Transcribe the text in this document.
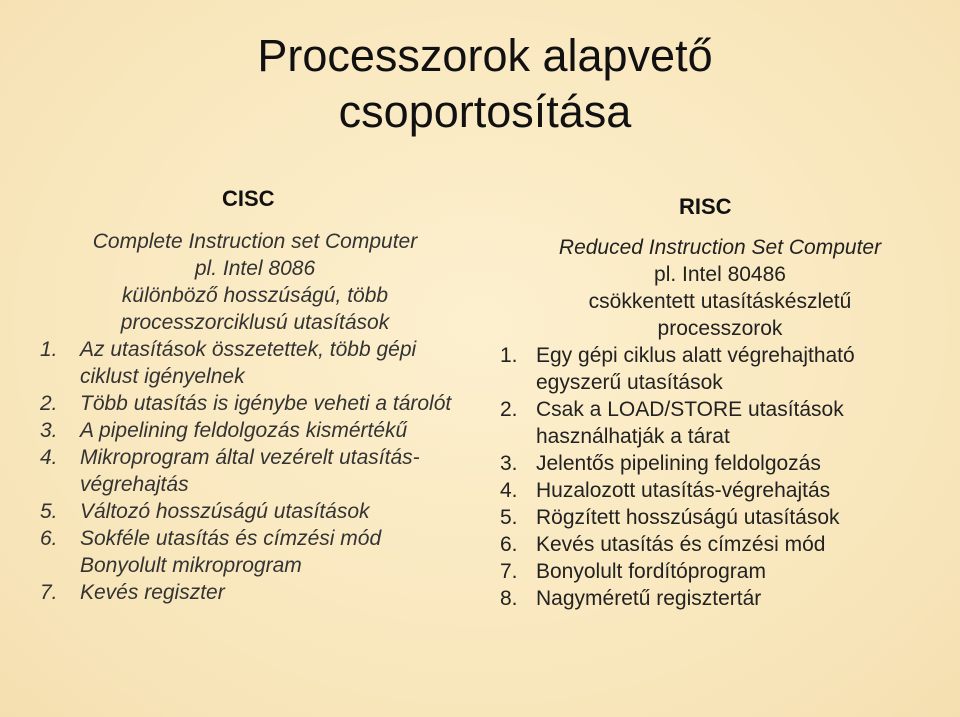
Processzorok alapvető
csoportosítása
CISC	RISC
Complete Instruction set Computer
pl. Intel 8086
különböző hosszúságú, több
processzorciklusú utasítások
1. Az utasítások összetettek, több gépi ciklust igényelnek
2. Több utasítás is igénybe veheti a tárolót
3. A pipelining feldolgozás kismértékű
4. Mikroprogram által vezérelt utasítás-végrehajtás
5. Változó hosszúságú utasítások
6. Sokféle utasítás és címzési mód
Bonyolult mikroprogram
7. Kevés regiszter
Reduced Instruction Set Computer
pl. Intel 80486
csökkentett utasításkészletű
processzorok
1. Egy gépi ciklus alatt végrehajtható egyszerű utasítások
2. Csak a LOAD/STORE utasítások használhatják a tárat
3. Jelentős pipelining feldolgozás
4. Huzalozott utasítás-végrehajtás
5. Rögzített hosszúságú utasítások
6. Kevés utasítás és címzési mód
7. Bonyolult fordítóprogram
8. Nagyméretű regisztertár
